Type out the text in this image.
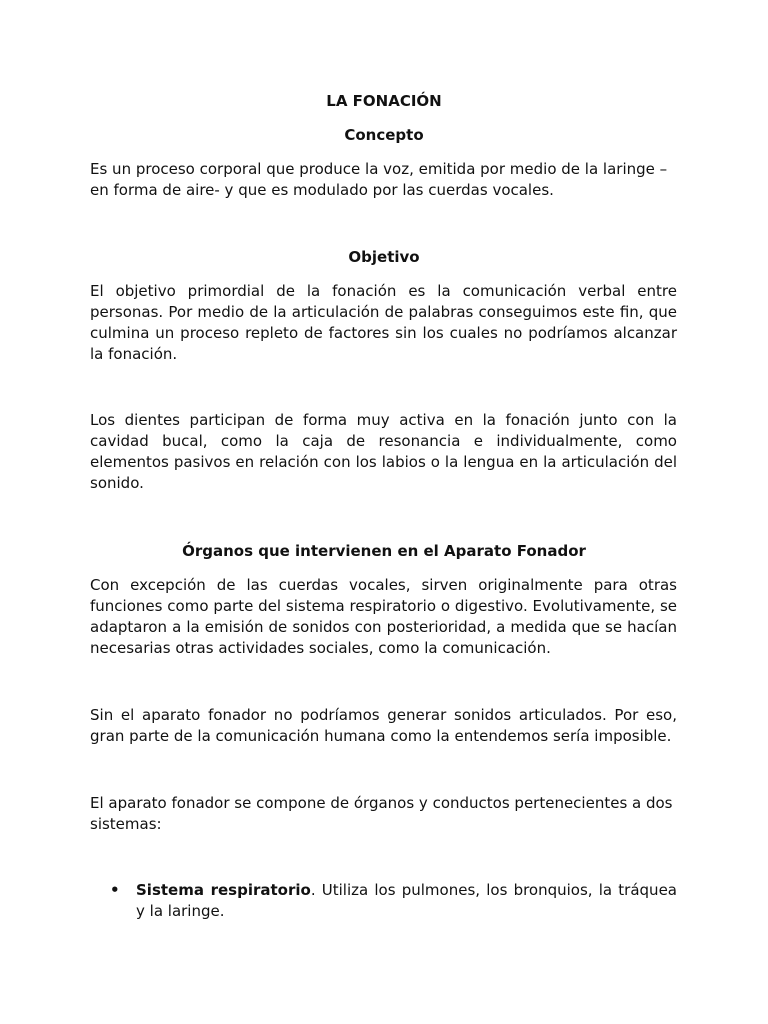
LA FONACIÓN
Concepto

Es un proceso corporal que produce la voz, emitida por medio de la laringe – en forma de aire- y que es modulado por las cuerdas vocales.

Objetivo

El objetivo primordial de la fonación es la comunicación verbal entre personas. Por medio de la articulación de palabras conseguimos este fin, que culmina un proceso repleto de factores sin los cuales no podríamos alcanzar la fonación.

Los dientes participan de forma muy activa en la fonación junto con la cavidad bucal, como la caja de resonancia e individualmente, como elementos pasivos en relación con los labios o la lengua en la articulación del sonido.

Órganos que intervienen en el Aparato Fonador

Con excepción de las cuerdas vocales, sirven originalmente para otras funciones como parte del sistema respiratorio o digestivo. Evolutivamente, se adaptaron a la emisión de sonidos con posterioridad, a medida que se hacían necesarias otras actividades sociales, como la comunicación.

Sin el aparato fonador no podríamos generar sonidos articulados. Por eso, gran parte de la comunicación humana como la entendemos sería imposible.

El aparato fonador se compone de órganos y conductos pertenecientes a dos sistemas:

• Sistema respiratorio. Utiliza los pulmones, los bronquios, la tráquea y la laringe.
